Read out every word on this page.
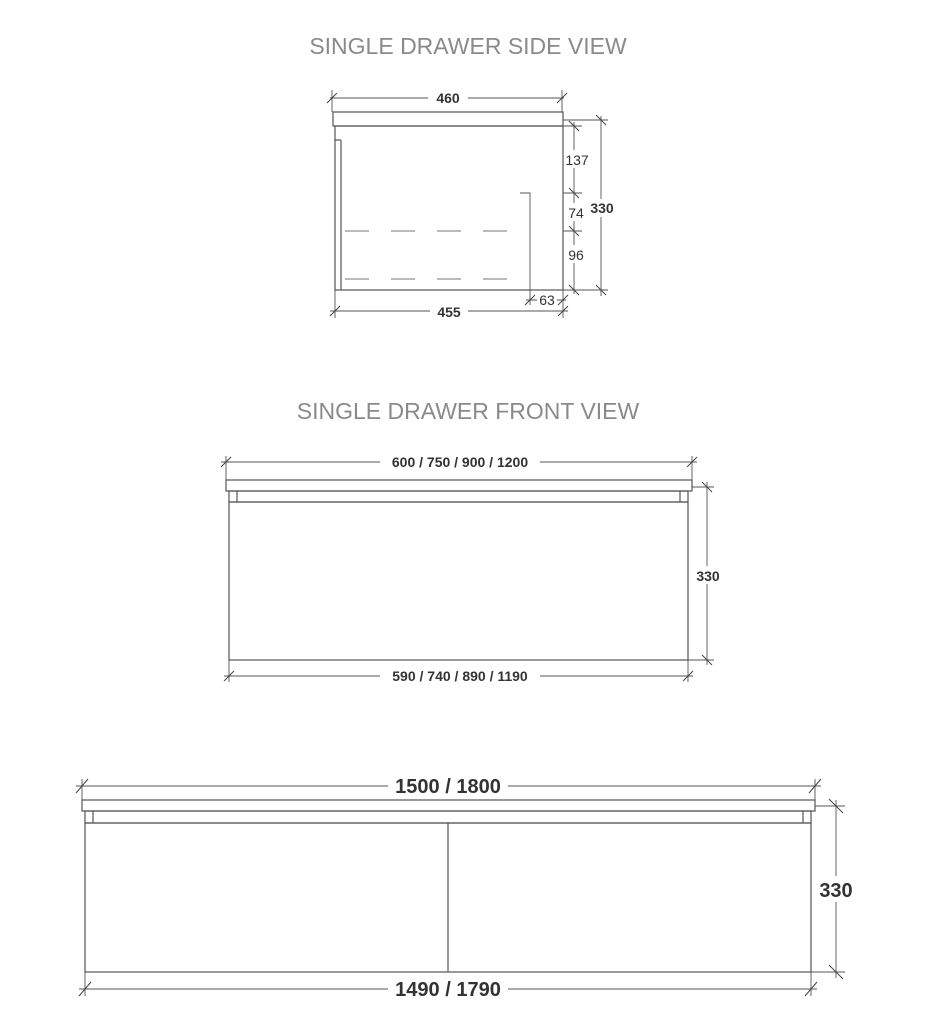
SINGLE DRAWER SIDE VIEW
460
137
74
96
330
63
455
SINGLE DRAWER FRONT VIEW
600 / 750 / 900 / 1200
330
590 / 740 / 890 / 1190
1500 / 1800
330
1490 / 1790
